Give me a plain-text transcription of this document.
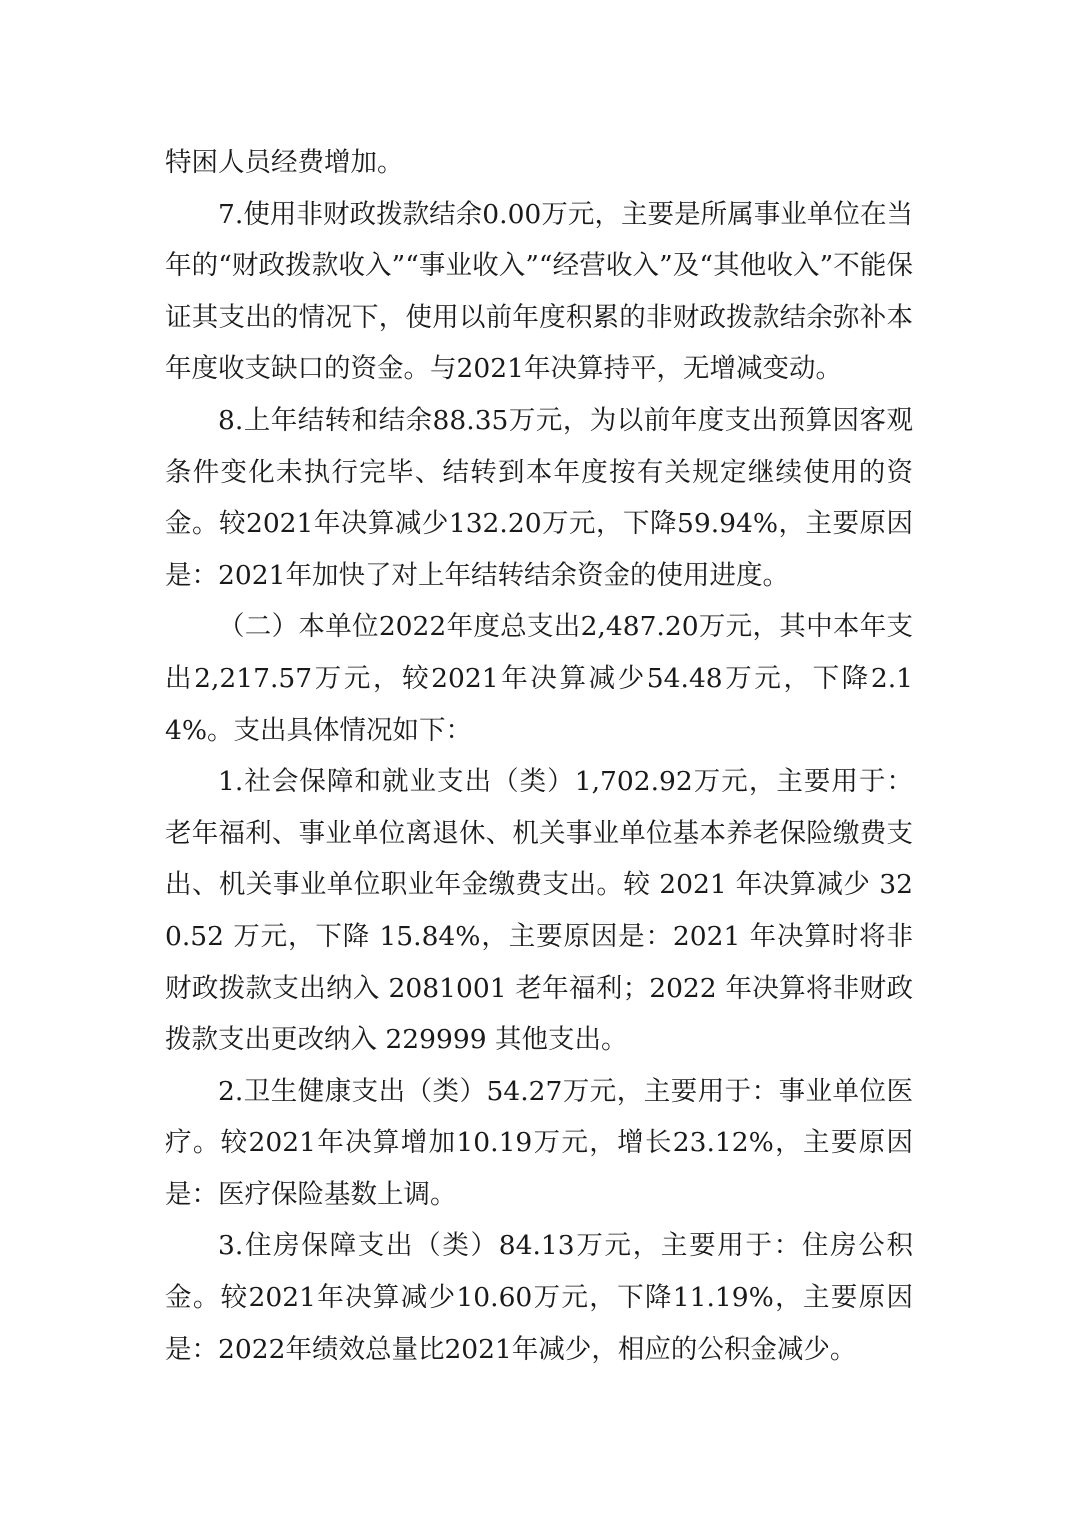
特困人员经费增加。

7.使用非财政拨款结余0.00万元，主要是所属事业单位在当年的“财政拨款收入”“事业收入”“经营收入”及“其他收入”不能保证其支出的情况下，使用以前年度积累的非财政拨款结余弥补本年度收支缺口的资金。与2021年决算持平，无增减变动。

8.上年结转和结余88.35万元，为以前年度支出预算因客观条件变化未执行完毕、结转到本年度按有关规定继续使用的资金。较2021年决算减少132.20万元，下降59.94%，主要原因是：2021年加快了对上年结转结余资金的使用进度。

（二）本单位2022年度总支出2,487.20万元，其中本年支出2,217.57万元，较2021年决算减少54.48万元，下降2.14%。支出具体情况如下：

1.社会保障和就业支出（类）1,702.92万元，主要用于：老年福利、事业单位离退休、机关事业单位基本养老保险缴费支出、机关事业单位职业年金缴费支出。较 2021 年决算减少 320.52 万元，下降 15.84%，主要原因是：2021 年决算时将非财政拨款支出纳入 2081001 老年福利；2022 年决算将非财政拨款支出更改纳入 229999 其他支出。

2.卫生健康支出（类）54.27万元，主要用于：事业单位医疗。较2021年决算增加10.19万元，增长23.12%，主要原因是：医疗保险基数上调。

3.住房保障支出（类）84.13万元，主要用于：住房公积金。较2021年决算减少10.60万元，下降11.19%，主要原因是：2022年绩效总量比2021年减少，相应的公积金减少。
